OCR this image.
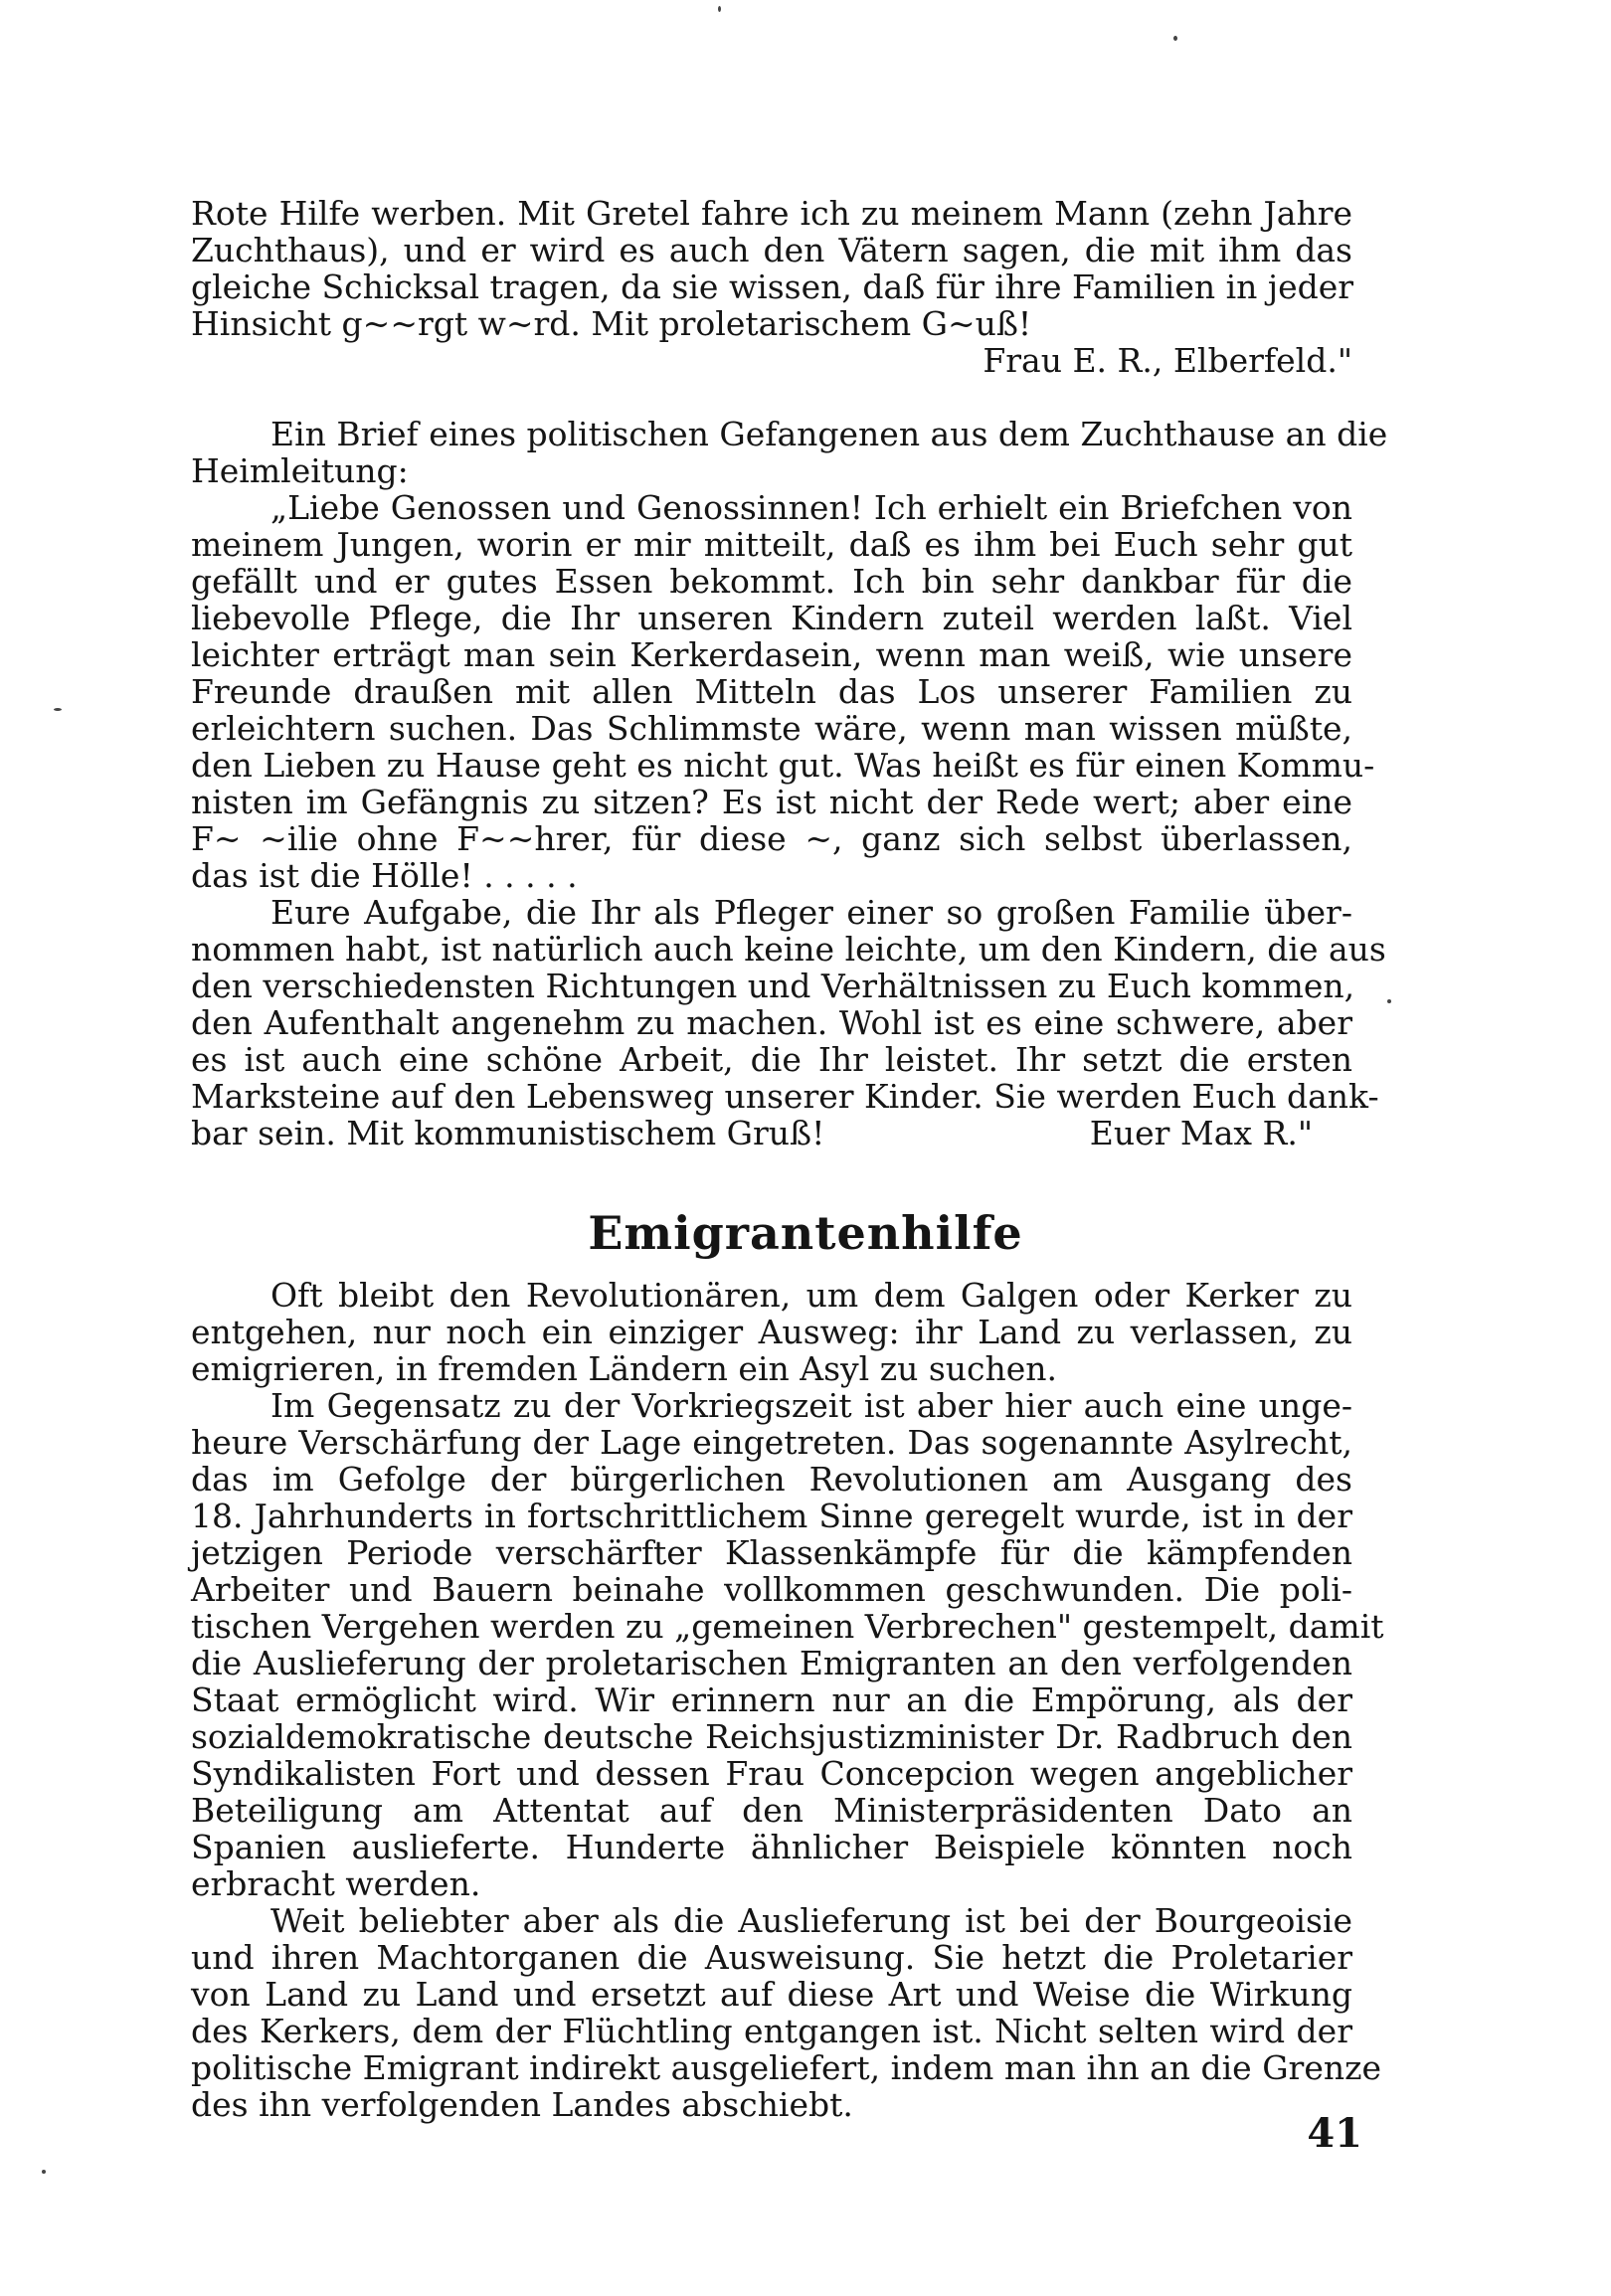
Rote Hilfe werben. Mit Gretel fahre ich zu meinem Mann (zehn Jahre
Zuchthaus), und er wird es auch den Vätern sagen, die mit ihm das
gleiche Schicksal tragen, da sie wissen, daß für ihre Familien in jeder
Hinsicht g~~rgt w~rd. Mit proletarischem G~uß!
Frau E. R., Elberfeld."
Ein Brief eines politischen Gefangenen aus dem Zuchthause an die
Heimleitung:
„Liebe Genossen und Genossinnen! Ich erhielt ein Briefchen von
meinem Jungen, worin er mir mitteilt, daß es ihm bei Euch sehr gut
gefällt und er gutes Essen bekommt. Ich bin sehr dankbar für die
liebevolle Pflege, die Ihr unseren Kindern zuteil werden laßt. Viel
leichter erträgt man sein Kerkerdasein, wenn man weiß, wie unsere
Freunde draußen mit allen Mitteln das Los unserer Familien zu
erleichtern suchen. Das Schlimmste wäre, wenn man wissen müßte,
den Lieben zu Hause geht es nicht gut. Was heißt es für einen Kommu-
nisten im Gefängnis zu sitzen? Es ist nicht der Rede wert; aber eine
F~ ~ilie ohne F~~hrer, für diese ~, ganz sich selbst überlassen,
das ist die Hölle! . . . . .
Eure Aufgabe, die Ihr als Pfleger einer so großen Familie über-
nommen habt, ist natürlich auch keine leichte, um den Kindern, die aus
den verschiedensten Richtungen und Verhältnissen zu Euch kommen,
den Aufenthalt angenehm zu machen. Wohl ist es eine schwere, aber
es ist auch eine schöne Arbeit, die Ihr leistet. Ihr setzt die ersten
Marksteine auf den Lebensweg unserer Kinder. Sie werden Euch dank-
bar sein. Mit kommunistischem Gruß!	Euer Max R."
Emigrantenhilfe
Oft bleibt den Revolutionären, um dem Galgen oder Kerker zu
entgehen, nur noch ein einziger Ausweg: ihr Land zu verlassen, zu
emigrieren, in fremden Ländern ein Asyl zu suchen.
Im Gegensatz zu der Vorkriegszeit ist aber hier auch eine unge-
heure Verschärfung der Lage eingetreten. Das sogenannte Asylrecht,
das im Gefolge der bürgerlichen Revolutionen am Ausgang des
18. Jahrhunderts in fortschrittlichem Sinne geregelt wurde, ist in der
jetzigen Periode verschärfter Klassenkämpfe für die kämpfenden
Arbeiter und Bauern beinahe vollkommen geschwunden. Die poli-
tischen Vergehen werden zu „gemeinen Verbrechen" gestempelt, damit
die Auslieferung der proletarischen Emigranten an den verfolgenden
Staat ermöglicht wird. Wir erinnern nur an die Empörung, als der
sozialdemokratische deutsche Reichsjustizminister Dr. Radbruch den
Syndikalisten Fort und dessen Frau Concepcion wegen angeblicher
Beteiligung am Attentat auf den Ministerpräsidenten Dato an
Spanien auslieferte. Hunderte ähnlicher Beispiele könnten noch
erbracht werden.
Weit beliebter aber als die Auslieferung ist bei der Bourgeoisie
und ihren Machtorganen die Ausweisung. Sie hetzt die Proletarier
von Land zu Land und ersetzt auf diese Art und Weise die Wirkung
des Kerkers, dem der Flüchtling entgangen ist. Nicht selten wird der
politische Emigrant indirekt ausgeliefert, indem man ihn an die Grenze
des ihn verfolgenden Landes abschiebt.
41
